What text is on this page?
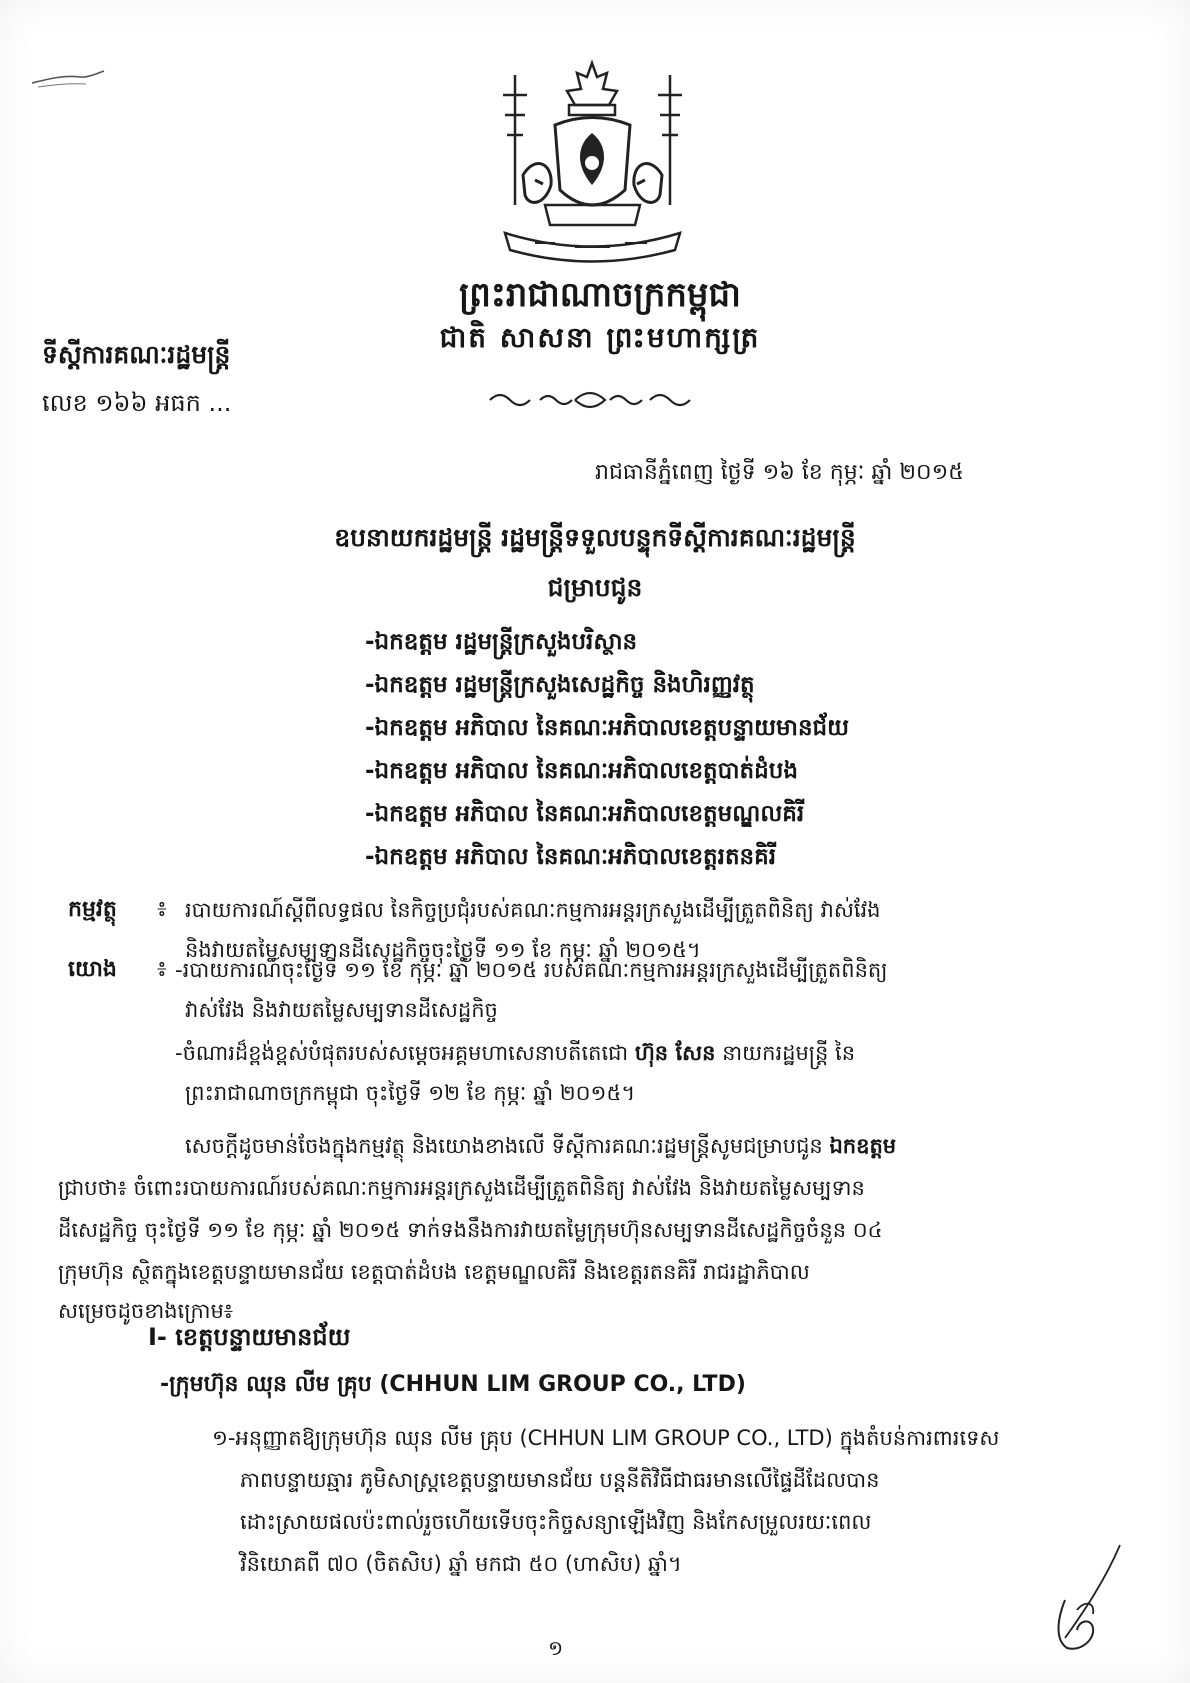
ព្រះរាជាណាចក្រកម្ពុជា
ជាតិ សាសនា ព្រះមហាក្សត្រ
ទីស្ដីការគណៈរដ្ឋមន្ត្រី
លេខ ១៦៦ អធក ...
រាជធានីភ្នំពេញ ថ្ងៃទី ១៦ ខែ កុម្ភៈ ឆ្នាំ ២០១៥
ឧបនាយករដ្ឋមន្ត្រី រដ្ឋមន្ត្រីទទួលបន្ទុកទីស្ដីការគណៈរដ្ឋមន្ត្រី
ជម្រាបជូន
-ឯកឧត្តម រដ្ឋមន្ត្រីក្រសួងបរិស្ថាន
-ឯកឧត្តម រដ្ឋមន្ត្រីក្រសួងសេដ្ឋកិច្ច និងហិរញ្ញវត្ថុ
-ឯកឧត្តម អភិបាល នៃគណៈអភិបាលខេត្តបន្ទាយមានជ័យ
-ឯកឧត្តម អភិបាល នៃគណៈអភិបាលខេត្តបាត់ដំបង
-ឯកឧត្តម អភិបាល នៃគណៈអភិបាលខេត្តមណ្ឌលគិរី
-ឯកឧត្តម អភិបាល នៃគណៈអភិបាលខេត្តរតនគិរី
កម្មវត្ថុ ៖ របាយការណ៍ស្ដីពីលទ្ធផល នៃកិច្ចប្រជុំរបស់គណៈកម្មការអន្តរក្រសួងដើម្បីត្រួតពិនិត្យ វាស់វែង
និងវាយតម្លៃសម្បទានដីសេដ្ឋកិច្ចចុះថ្ងៃទី ១១ ខែ កុម្ភៈ ឆ្នាំ ២០១៥។
យោង ៖ -របាយការណ៍ចុះថ្ងៃទី ១១ ខែ កុម្ភៈ ឆ្នាំ ២០១៥ របស់គណៈកម្មការអន្តរក្រសួងដើម្បីត្រួតពិនិត្យ
វាស់វែង និងវាយតម្លៃសម្បទានដីសេដ្ឋកិច្ច
-ចំណារដ៏ខ្ពង់ខ្ពស់បំផុតរបស់សម្ដេចអគ្គមហាសេនាបតីតេជោ ហ៊ុន សែន នាយករដ្ឋមន្ត្រី នៃ
ព្រះរាជាណាចក្រកម្ពុជា ចុះថ្ងៃទី ១២ ខែ កុម្ភៈ ឆ្នាំ ២០១៥។
សេចក្ដីដូចមាន់ចែងក្នុងកម្មវត្ថុ និងយោងខាងលើ ទីស្ដីការគណៈរដ្ឋមន្ត្រីសូមជម្រាបជូន ឯកឧត្តម
ជ្រាបថា៖ ចំពោះរបាយការណ៍របស់គណៈកម្មការអន្តរក្រសួងដើម្បីត្រួតពិនិត្យ វាស់វែង និងវាយតម្លៃសម្បទាន
ដីសេដ្ឋកិច្ច ចុះថ្ងៃទី ១១ ខែ កុម្ភៈ ឆ្នាំ ២០១៥ ទាក់ទងនឹងការវាយតម្លៃក្រុមហ៊ុនសម្បទានដីសេដ្ឋកិច្ចចំនួន ០៤
ក្រុមហ៊ុន ស្ថិតក្នុងខេត្តបន្ទាយមានជ័យ ខេត្តបាត់ដំបង ខេត្តមណ្ឌលគិរី និងខេត្តរតនគិរី រាជរដ្ឋាភិបាល
សម្រេចដូចខាងក្រោម៖
I- ខេត្តបន្ទាយមានជ័យ
-ក្រុមហ៊ុន ឈុន លីម គ្រុប (CHHUN LIM GROUP CO., LTD)
១-អនុញ្ញាតឱ្យក្រុមហ៊ុន ឈុន លីម គ្រុប (CHHUN LIM GROUP CO., LTD) ក្នុងតំបន់ការពារទេស
ភាពបន្ទាយឆ្មារ ភូមិសាស្ត្រខេត្តបន្ទាយមានជ័យ បន្តនីតិវិធីជាធរមានលើផ្ទៃដីដែលបាន
ដោះស្រាយផលប៉ះពាល់រួចហើយទើបចុះកិច្ចសន្យាឡើងវិញ និងកែសម្រួលរយៈពេល
វិនិយោគពី ៧០ (ចិតសិប) ឆ្នាំ មកជា ៥០ (ហាសិប) ឆ្នាំ។
១
